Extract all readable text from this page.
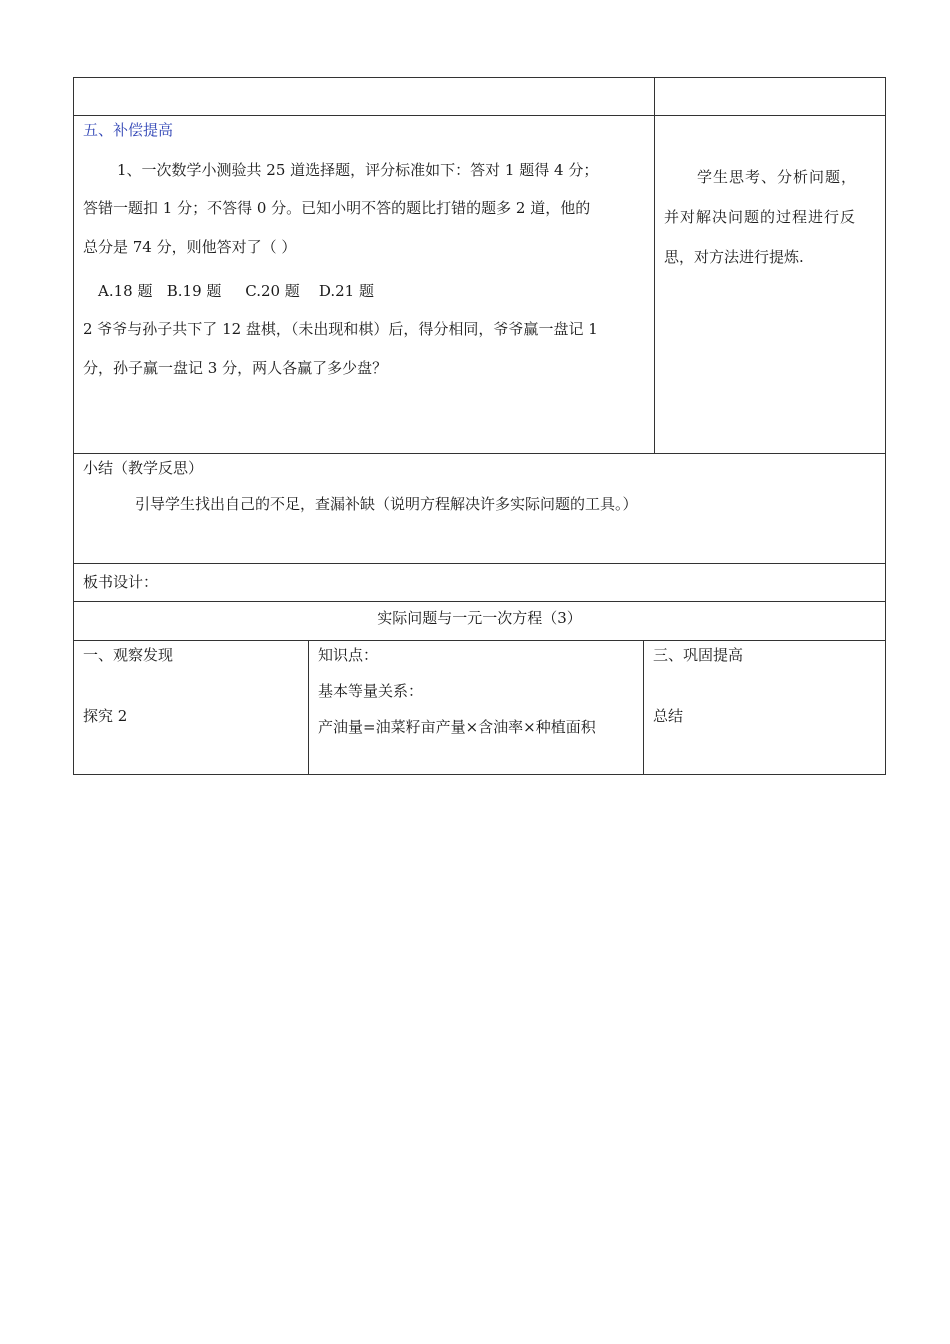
五、补偿提高
1、一次数学小测验共 25 道选择题，评分标准如下：答对 1 题得 4 分；
答错一题扣 1 分；不答得 0 分。已知小明不答的题比打错的题多 2 道，他的
总分是 74 分，则他答对了（ ）
A.18 题   B.19 题     C.20 题    D.21 题
2 爷爷与孙子共下了 12 盘棋，（未出现和棋）后，得分相同，爷爷赢一盘记 1
分，孙子赢一盘记 3 分，两人各赢了多少盘？
学生思考、分析问题，
并对解决问题的过程进行反
思，对方法进行提炼.
小结（教学反思）
引导学生找出自己的不足，查漏补缺（说明方程解决许多实际问题的工具。）
板书设计：
实际问题与一元一次方程（3）
一、观察发现
探究 2
知识点：
基本等量关系：
产油量=油菜籽亩产量×含油率×种植面积
三、巩固提高
总结
